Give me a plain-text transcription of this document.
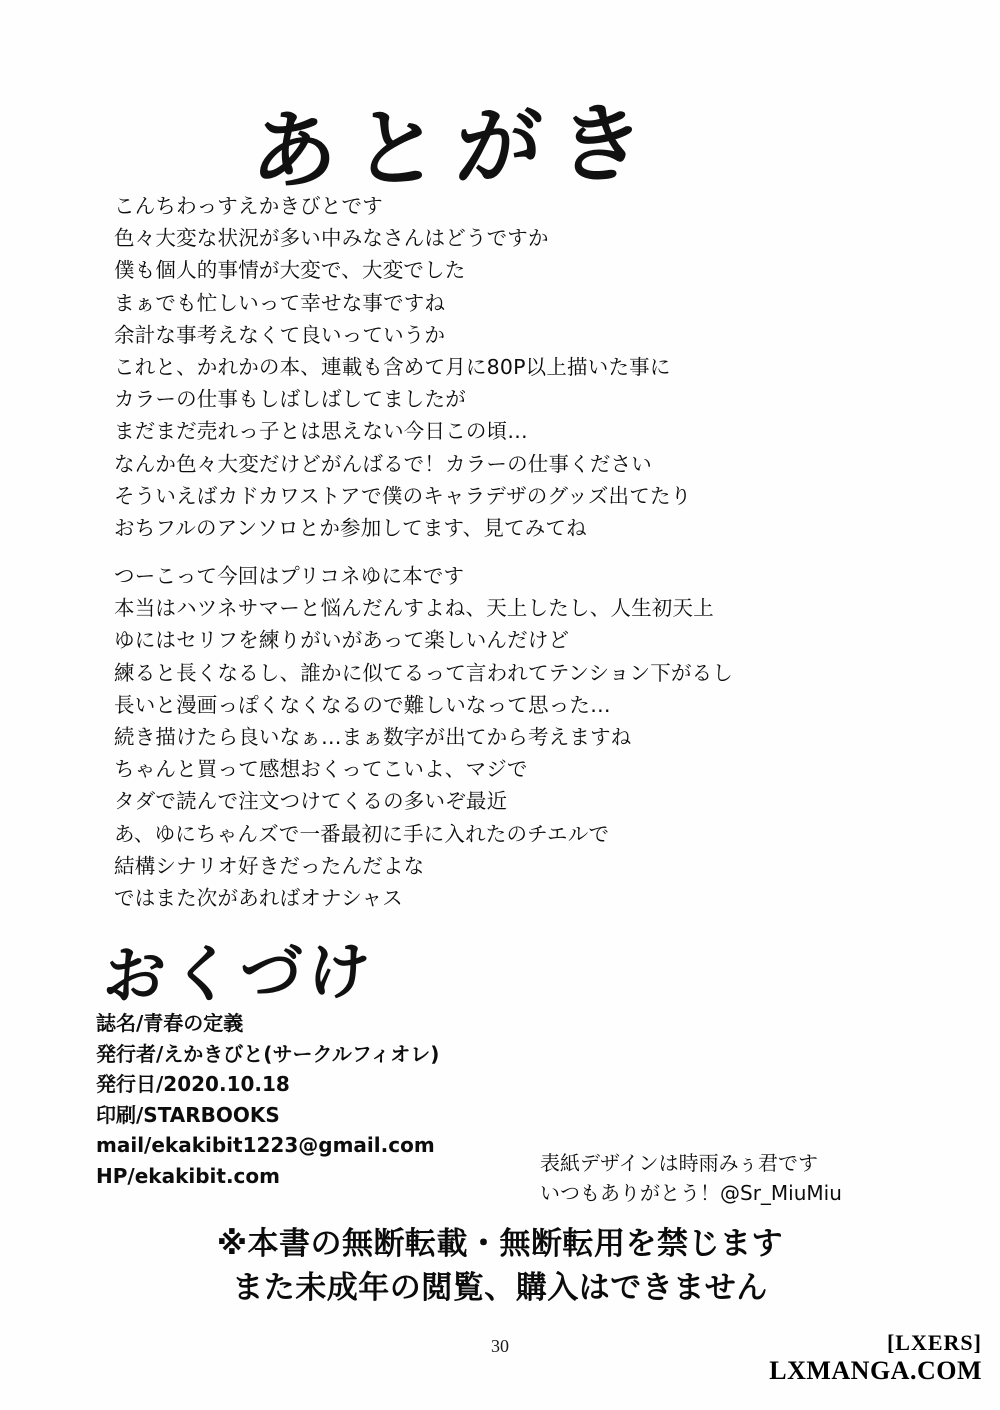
あとがき
こんちわっすえかきびとです
色々大変な状況が多い中みなさんはどうですか
僕も個人的事情が大変で、大変でした
まぁでも忙しいって幸せな事ですね
余計な事考えなくて良いっていうか
これと、かれかの本、連載も含めて月に80P以上描いた事に
カラーの仕事もしばしばしてましたが
まだまだ売れっ子とは思えない今日この頃…
なんか色々大変だけどがんばるで！カラーの仕事ください
そういえばカドカワストアで僕のキャラデザのグッズ出てたり
おちフルのアンソロとか参加してます、見てみてね
つーこって今回はプリコネゆに本です
本当はハツネサマーと悩んだんすよね、天上したし、人生初天上
ゆにはセリフを練りがいがあって楽しいんだけど
練ると長くなるし、誰かに似てるって言われてテンション下がるし
長いと漫画っぽくなくなるので難しいなって思った…
続き描けたら良いなぁ…まぁ数字が出てから考えますね
ちゃんと買って感想おくってこいよ、マジで
タダで読んで注文つけてくるの多いぞ最近
あ、ゆにちゃんズで一番最初に手に入れたのチエルで
結構シナリオ好きだったんだよな
ではまた次があればオナシャス
おくづけ
誌名/青春の定義
発行者/えかきびと(サークルフィオレ)
発行日/2020.10.18
印刷/STARBOOKS
mail/ekakibit1223@gmail.com
HP/ekakibit.com
表紙デザインは時雨みぅ君です
いつもありがとう！@Sr_MiuMiu
※本書の無断転載・無断転用を禁じます
また未成年の閲覧、購入はできません
30	[LXERS]
LXMANGA.COM
